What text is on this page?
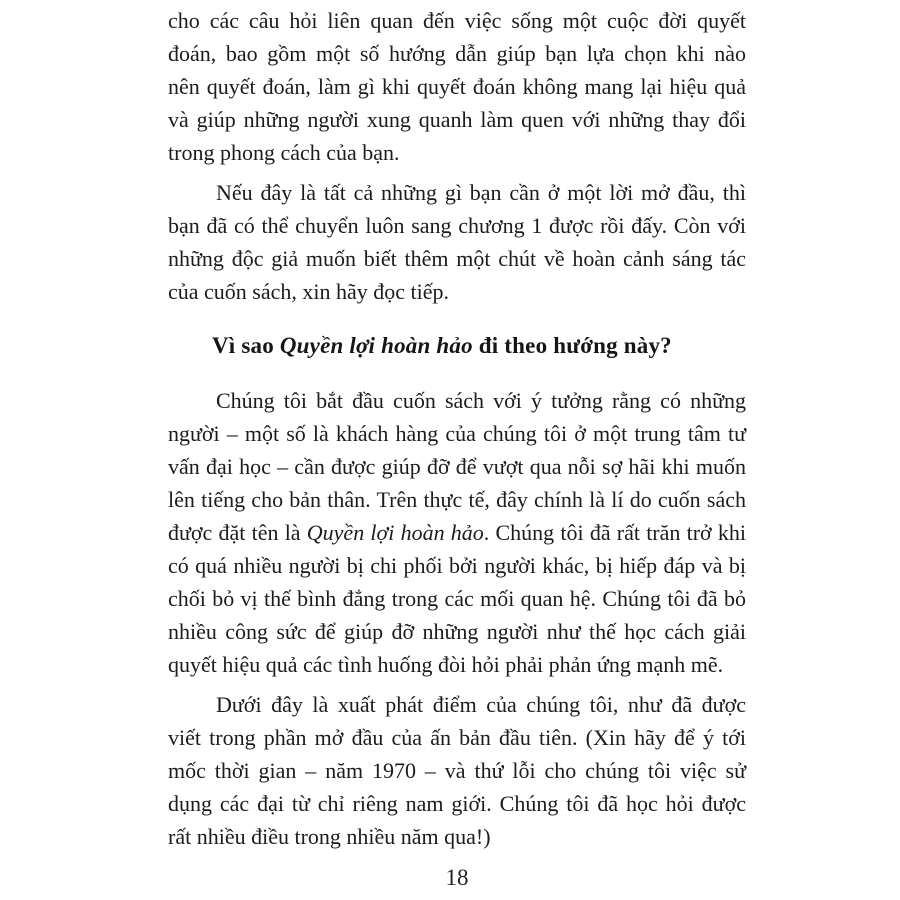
cho các câu hỏi liên quan đến việc sống một cuộc đời quyết
đoán, bao gồm một số hướng dẫn giúp bạn lựa chọn khi nào
nên quyết đoán, làm gì khi quyết đoán không mang lại hiệu quả
và giúp những người xung quanh làm quen với những thay đổi
trong phong cách của bạn.
Nếu đây là tất cả những gì bạn cần ở một lời mở đầu, thì
bạn đã có thể chuyển luôn sang chương 1 được rồi đấy. Còn với
những độc giả muốn biết thêm một chút về hoàn cảnh sáng tác
của cuốn sách, xin hãy đọc tiếp.
Vì sao Quyền lợi hoàn hảo đi theo hướng này?
Chúng tôi bắt đầu cuốn sách với ý tưởng rằng có những
người – một số là khách hàng của chúng tôi ở một trung tâm tư
vấn đại học – cần được giúp đỡ để vượt qua nỗi sợ hãi khi muốn
lên tiếng cho bản thân. Trên thực tế, đây chính là lí do cuốn sách
được đặt tên là Quyền lợi hoàn hảo. Chúng tôi đã rất trăn trở khi
có quá nhiều người bị chi phối bởi người khác, bị hiếp đáp và bị
chối bỏ vị thế bình đẳng trong các mối quan hệ. Chúng tôi đã bỏ
nhiều công sức để giúp đỡ những người như thế học cách giải
quyết hiệu quả các tình huống đòi hỏi phải phản ứng mạnh mẽ.
Dưới đây là xuất phát điểm của chúng tôi, như đã được
viết trong phần mở đầu của ấn bản đầu tiên. (Xin hãy để ý tới
mốc thời gian – năm 1970 – và thứ lỗi cho chúng tôi việc sử
dụng các đại từ chỉ riêng nam giới. Chúng tôi đã học hỏi được
rất nhiều điều trong nhiều năm qua!)
18
